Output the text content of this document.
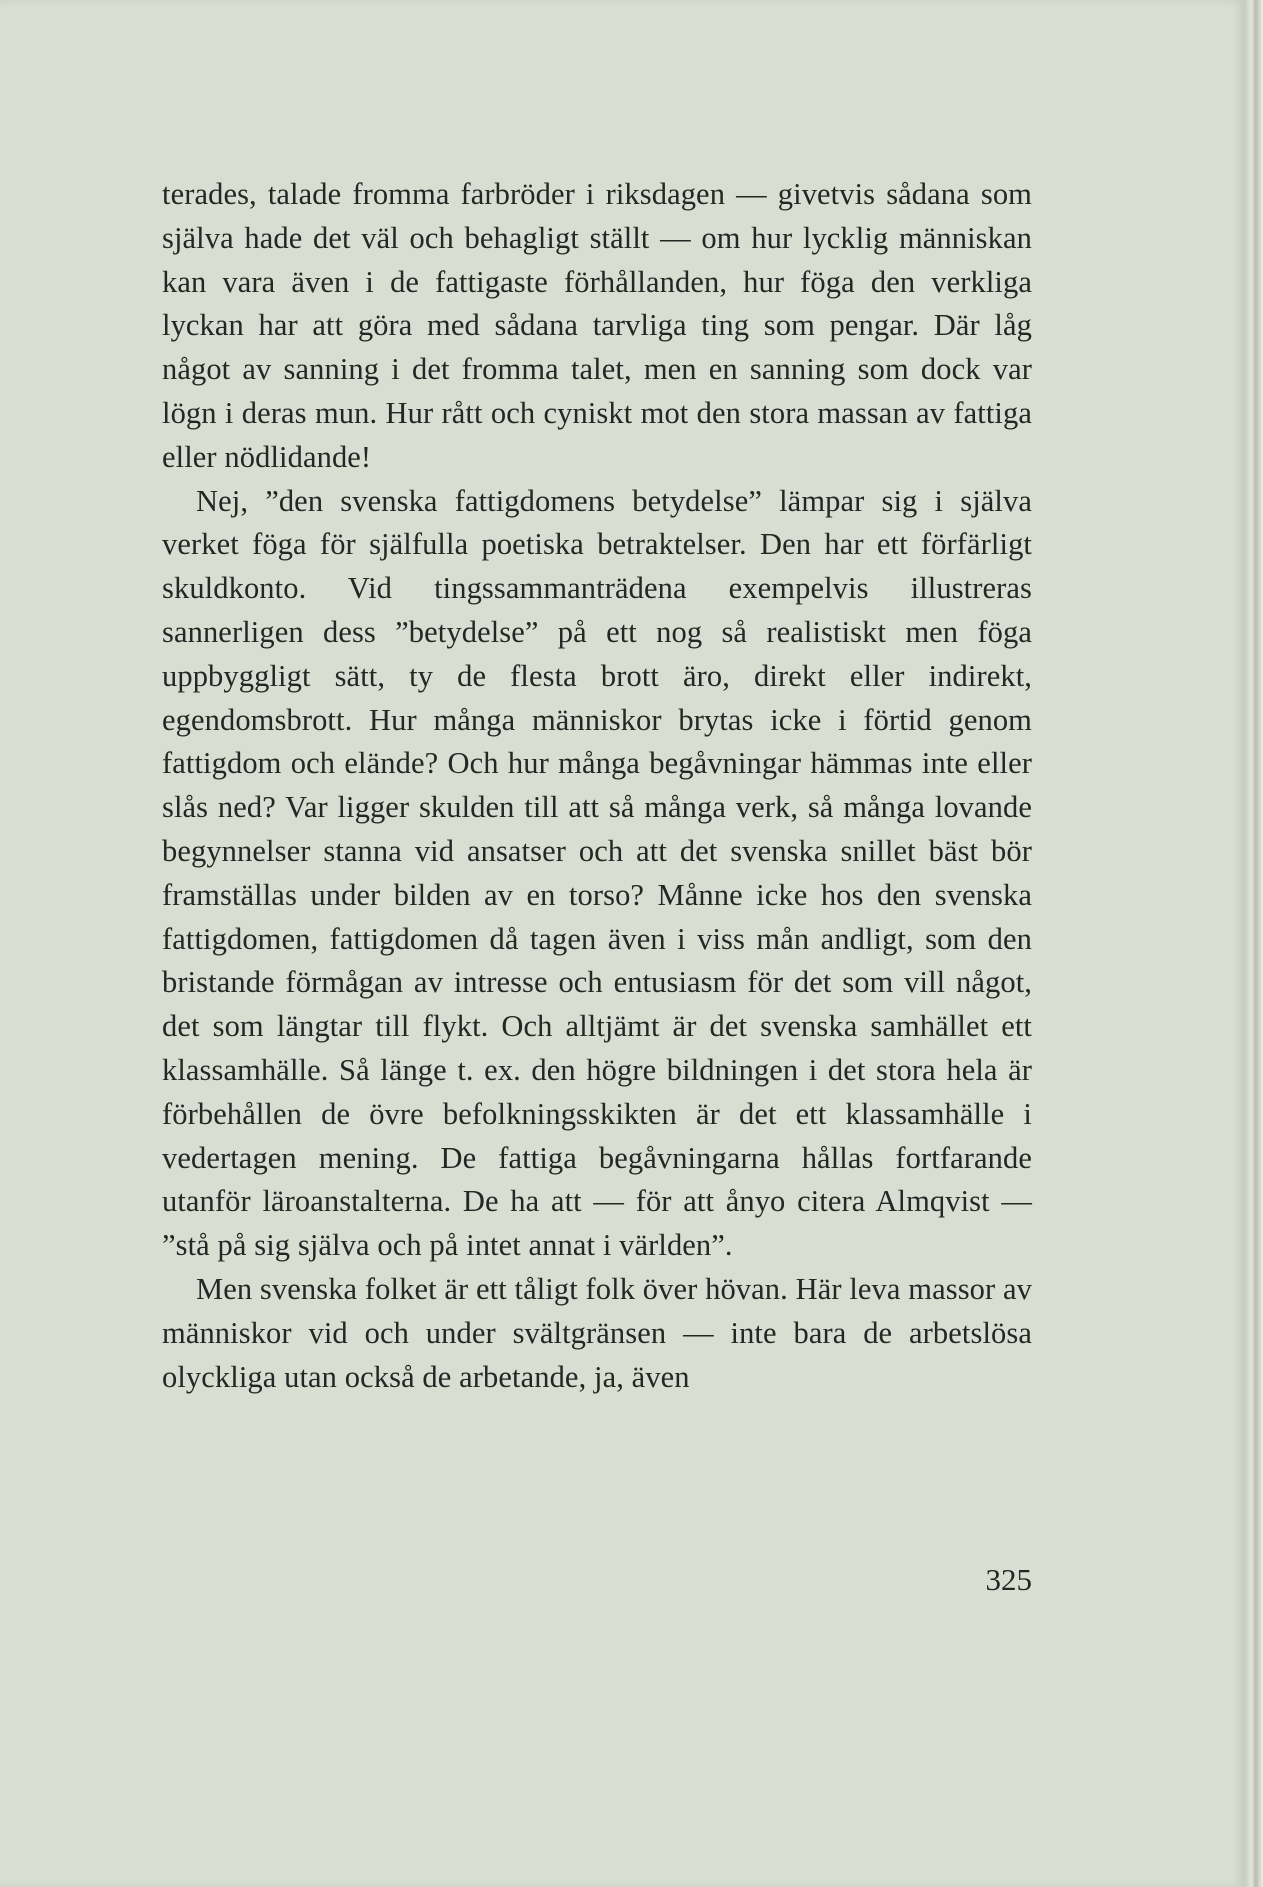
terades, talade fromma farbröder i riksdagen — givetvis sådana som själva hade det väl och behagligt ställt — om hur lycklig människan kan vara även i de fattigaste förhållanden, hur föga den verkliga lyckan har att göra med sådana tarvliga ting som pengar. Där låg något av sanning i det fromma talet, men en sanning som dock var lögn i deras mun. Hur rått och cyniskt mot den stora massan av fattiga eller nödlidande!

Nej, ”den svenska fattigdomens betydelse” lämpar sig i själva verket föga för själfulla poetiska betraktelser. Den har ett förfärligt skuldkonto. Vid tingssammanträdena exempelvis illustreras sannerligen dess ”betydelse” på ett nog så realistiskt men föga uppbyggligt sätt, ty de flesta brott äro, direkt eller indirekt, egendomsbrott. Hur många människor brytas icke i förtid genom fattigdom och elände? Och hur många begåvningar hämmas inte eller slås ned? Var ligger skulden till att så många verk, så många lovande begynnelser stanna vid ansatser och att det svenska snillet bäst bör framställas under bilden av en torso? Månne icke hos den svenska fattigdomen, fattigdomen då tagen även i viss mån andligt, som den bristande förmågan av intresse och entusiasm för det som vill något, det som längtar till flykt. Och alltjämt är det svenska samhället ett klassamhälle. Så länge t. ex. den högre bildningen i det stora hela är förbehållen de övre befolkningsskikten är det ett klassamhälle i vedertagen mening. De fattiga begåvningarna hållas fortfarande utanför läroanstalterna. De ha att — för att ånyo citera Almqvist — ”stå på sig själva och på intet annat i världen”.

Men svenska folket är ett tåligt folk över hövan. Här leva massor av människor vid och under svältgränsen — inte bara de arbetslösa olyckliga utan också de arbetande, ja, även

325
